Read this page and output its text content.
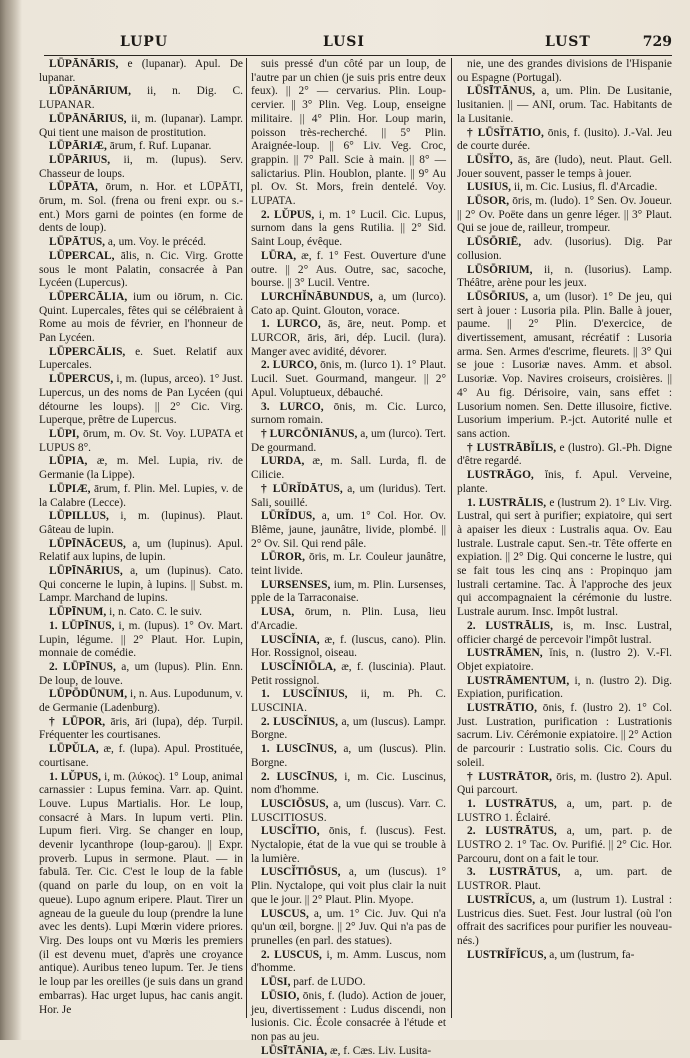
LUPU	LUSI	LUST	729

LŪPĀNĀRIS, e (lupanar). Apul. De lupanar.

LŪPĀNĀRIUM, ii, n. Dig. C. LUPANAR.

LŪPĀNĀRIUS, ii, m. (lupanar). Lampr. Qui tient une maison de prostitution.

LŪPĀRIÆ, ārum, f. Ruf. Lupanar.

LŪPĀRIUS, ii, m. (lupus). Serv. Chasseur de loups.

LŪPĀTA, ōrum, n. Hor. et LŪPĀTI, ōrum, m. Sol. (frena ou freni expr. ou s.-ent.) Mors garni de pointes (en forme de dents de loup).

LŪPĀTUS, a, um. Voy. le précéd.

LŪPERCAL, ālis, n. Cic. Virg. Grotte sous le mont Palatin, consacrée à Pan Lycéen (Lupercus).

LŪPERCĀLIA, ium ou iōrum, n. Cic. Quint. Lupercales, fêtes qui se célébraient à Rome au mois de février, en l'honneur de Pan Lycéen.

LŪPERCĀLIS, e. Suet. Relatif aux Lupercales.

LŪPERCUS, i, m. (lupus, arceo). 1° Just. Lupercus, un des noms de Pan Lycéen (qui détourne les loups). || 2° Cic. Virg. Luperque, prêtre de Lupercus.

LŪPI, ōrum, m. Ov. St. Voy. LUPATA et LUPUS 8°.

LŪPIA, æ, m. Mel. Lupia, riv. de Germanie (la Lippe).

LŪPIÆ, ārum, f. Plin. Mel. Lupies, v. de la Calabre (Lecce).

LŪPILLUS, i, m. (lupinus). Plaut. Gâteau de lupin.

LŪPĪNĀCEUS, a, um (lupinus). Apul. Relatif aux lupins, de lupin.

LŪPĪNĀRIUS, a, um (lupinus). Cato. Qui concerne le lupin, à lupins. || Subst. m. Lampr. Marchand de lupins.

LŪPĪNUM, i, n. Cato. C. le suiv.

1. LŪPĪNUS, i, m. (lupus). 1° Ov. Mart. Lupin, légume. || 2° Plaut. Hor. Lupin, monnaie de comédie.

2. LŪPĪNUS, a, um (lupus). Plin. Enn. De loup, de louve.

LŪPŌDŪNUM, i, n. Aus. Lupodunum, v. de Germanie (Ladenburg).

† LŪPOR, āris, āri (lupa), dép. Turpil. Fréquenter les courtisanes.

LŪPŬLA, æ, f. (lupa). Apul. Prostituée, courtisane.

1. LŬPUS, i, m. (λύκος). 1° Loup, animal carnassier : Lupus femina. Varr. ap. Quint. Louve. Lupus Martialis. Hor. Le loup, consacré à Mars. In lupum verti. Plin. Lupum fieri. Virg. Se changer en loup, devenir lycanthrope (loup-garou). || Expr. proverb. Lupus in sermone. Plaut. — in fabulā. Ter. Cic. C'est le loup de la fable (quand on parle du loup, on en voit la queue). Lupo agnum eripere. Plaut. Tirer un agneau de la gueule du loup (prendre la lune avec les dents). Lupi Mœrin videre priores. Virg. Des loups ont vu Mœris les premiers (il est devenu muet, d'après une croyance antique). Auribus teneo lupum. Ter. Je tiens le loup par les oreilles (je suis dans un grand embarras). Hac urget lupus, hac canis angit. Hor. Je

suis pressé d'un côté par un loup, de l'autre par un chien (je suis pris entre deux feux). || 2° — cervarius. Plin. Loup-cervier. || 3° Plin. Veg. Loup, enseigne militaire. || 4° Plin. Hor. Loup marin, poisson très-recherché. || 5° Plin. Araignée-loup. || 6° Liv. Veg. Croc, grappin. || 7° Pall. Scie à main. || 8° — salictarius. Plin. Houblon, plante. || 9° Au pl. Ov. St. Mors, frein dentelé. Voy. LUPATA.

2. LŬPUS, i, m. 1° Lucil. Cic. Lupus, surnom dans la gens Rutilia. || 2° Sid. Saint Loup, évêque.

LŪRA, æ, f. 1° Fest. Ouverture d'une outre. || 2° Aus. Outre, sac, sacoche, bourse. || 3° Lucil. Ventre.

LURCHĬNĀBUNDUS, a, um (lurco). Cato ap. Quint. Glouton, vorace.

1. LURCO, ās, āre, neut. Pomp. et LURCOR, āris, āri, dép. Lucil. (lura). Manger avec avidité, dévorer.

2. LURCO, ōnis, m. (lurco 1). 1° Plaut. Lucil. Suet. Gourmand, mangeur. || 2° Apul. Voluptueux, débauché.

3. LURCO, ōnis, m. Cic. Lurco, surnom romain.

† LURCŌNIĀNUS, a, um (lurco). Tert. De gourmand.

LURDA, æ, m. Sall. Lurda, fl. de Cilicie.

† LŪRĬDĀTUS, a, um (luridus). Tert. Sali, souillé.

LŪRĬDUS, a, um. 1° Col. Hor. Ov. Blême, jaune, jaunâtre, livide, plombé. || 2° Ov. Sil. Qui rend pâle.

LŪROR, ōris, m. Lr. Couleur jaunâtre, teint livide.

LURSENSES, ium, m. Plin. Lursenses, pple de la Tarraconaise.

LUSA, ōrum, n. Plin. Lusa, lieu d'Arcadie.

LUSCĬNIA, æ, f. (luscus, cano). Plin. Hor. Rossignol, oiseau.

LUSCĬNIŌLA, æ, f. (luscinia). Plaut. Petit rossignol.

1. LUSCĬNIUS, ii, m. Ph. C. LUSCINIA.

2. LUSCĬNIUS, a, um (luscus). Lampr. Borgne.

1. LUSCĪNUS, a, um (luscus). Plin. Borgne.

2. LUSCĪNUS, i, m. Cic. Luscinus, nom d'homme.

LUSCIŌSUS, a, um (luscus). Varr. C. LUSCITIOSUS.

LUSCĬTIO, ōnis, f. (luscus). Fest. Nyctalopie, état de la vue qui se trouble à la lumière.

LUSCĬTIŌSUS, a, um (luscus). 1° Plin. Nyctalope, qui voit plus clair la nuit que le jour. || 2° Plaut. Plin. Myope.

LUSCUS, a, um. 1° Cic. Juv. Qui n'a qu'un œil, borgne. || 2° Juv. Qui n'a pas de prunelles (en parl. des statues).

2. LUSCUS, i, m. Amm. Luscus, nom d'homme.

LŪSI, parf. de LUDO.

LŪSIO, ōnis, f. (ludo). Action de jouer, jeu, divertissement : Ludus discendi, non lusionis. Cic. École consacrée à l'étude et non pas au jeu.

LŪSĪTĀNIA, æ, f. Cæs. Liv. Lusita-

nie, une des grandes divisions de l'Hispanie ou Espagne (Portugal).

LŪSĪTĀNUS, a, um. Plin. De Lusitanie, lusitanien. || — ANI, orum. Tac. Habitants de la Lusitanie.

† LŪSĬTĀTIO, ōnis, f. (lusito). J.-Val. Jeu de courte durée.

LŪSĬTO, ās, āre (ludo), neut. Plaut. Gell. Jouer souvent, passer le temps à jouer.

LUSIUS, ii, m. Cic. Lusius, fl. d'Arcadie.

LŪSOR, ōris, m. (ludo). 1° Sen. Ov. Joueur. || 2° Ov. Poëte dans un genre léger. || 3° Plaut. Qui se joue de, railleur, trompeur.

LŪSŌRIĒ, adv. (lusorius). Dig. Par collusion.

LŪSŌRIUM, ii, n. (lusorius). Lamp. Théâtre, arène pour les jeux.

LŪSŌRIUS, a, um (lusor). 1° De jeu, qui sert à jouer : Lusoria pila. Plin. Balle à jouer, paume. || 2° Plin. D'exercice, de divertissement, amusant, récréatif : Lusoria arma. Sen. Armes d'escrime, fleurets. || 3° Qui se joue : Lusoriæ naves. Amm. et absol. Lusoriæ. Vop. Navires croiseurs, croisières. || 4° Au fig. Dérisoire, vain, sans effet : Lusorium nomen. Sen. Dette illusoire, fictive. Lusorium imperium. P.-jct. Autorité nulle et sans action.

† LUSTRĀBĬLIS, e (lustro). Gl.-Ph. Digne d'être regardé.

LUSTRĀGO, ĭnis, f. Apul. Verveine, plante.

1. LUSTRĀLIS, e (lustrum 2). 1° Liv. Virg. Lustral, qui sert à purifier; expiatoire, qui sert à apaiser les dieux : Lustralis aqua. Ov. Eau lustrale. Lustrale caput. Sen.-tr. Tête offerte en expiation. || 2° Dig. Qui concerne le lustre, qui se fait tous les cinq ans : Propinquo jam lustrali certamine. Tac. À l'approche des jeux qui accompagnaient la cérémonie du lustre. Lustrale aurum. Insc. Impôt lustral.

2. LUSTRĀLIS, is, m. Insc. Lustral, officier chargé de percevoir l'impôt lustral.

LUSTRĀMEN, ĭnis, n. (lustro 2). V.-Fl. Objet expiatoire.

LUSTRĀMENTUM, i, n. (lustro 2). Dig. Expiation, purification.

LUSTRĀTIO, ōnis, f. (lustro 2). 1° Col. Just. Lustration, purification : Lustrationis sacrum. Liv. Cérémonie expiatoire. || 2° Action de parcourir : Lustratio solis. Cic. Cours du soleil.

† LUSTRĀTOR, ōris, m. (lustro 2). Apul. Qui parcourt.

1. LUSTRĀTUS, a, um, part. p. de LUSTRO 1. Éclairé.

2. LUSTRĀTUS, a, um, part. p. de LUSTRO 2. 1° Tac. Ov. Purifié. || 2° Cic. Hor. Parcouru, dont on a fait le tour.

3. LUSTRĀTUS, a, um. part. de LUSTROR. Plaut.

LUSTRĬCUS, a, um (lustrum 1). Lustral : Lustricus dies. Suet. Fest. Jour lustral (où l'on offrait des sacrifices pour purifier les nouveau-nés.)

LUSTRĬFĬCUS, a, um (lustrum, fa-
